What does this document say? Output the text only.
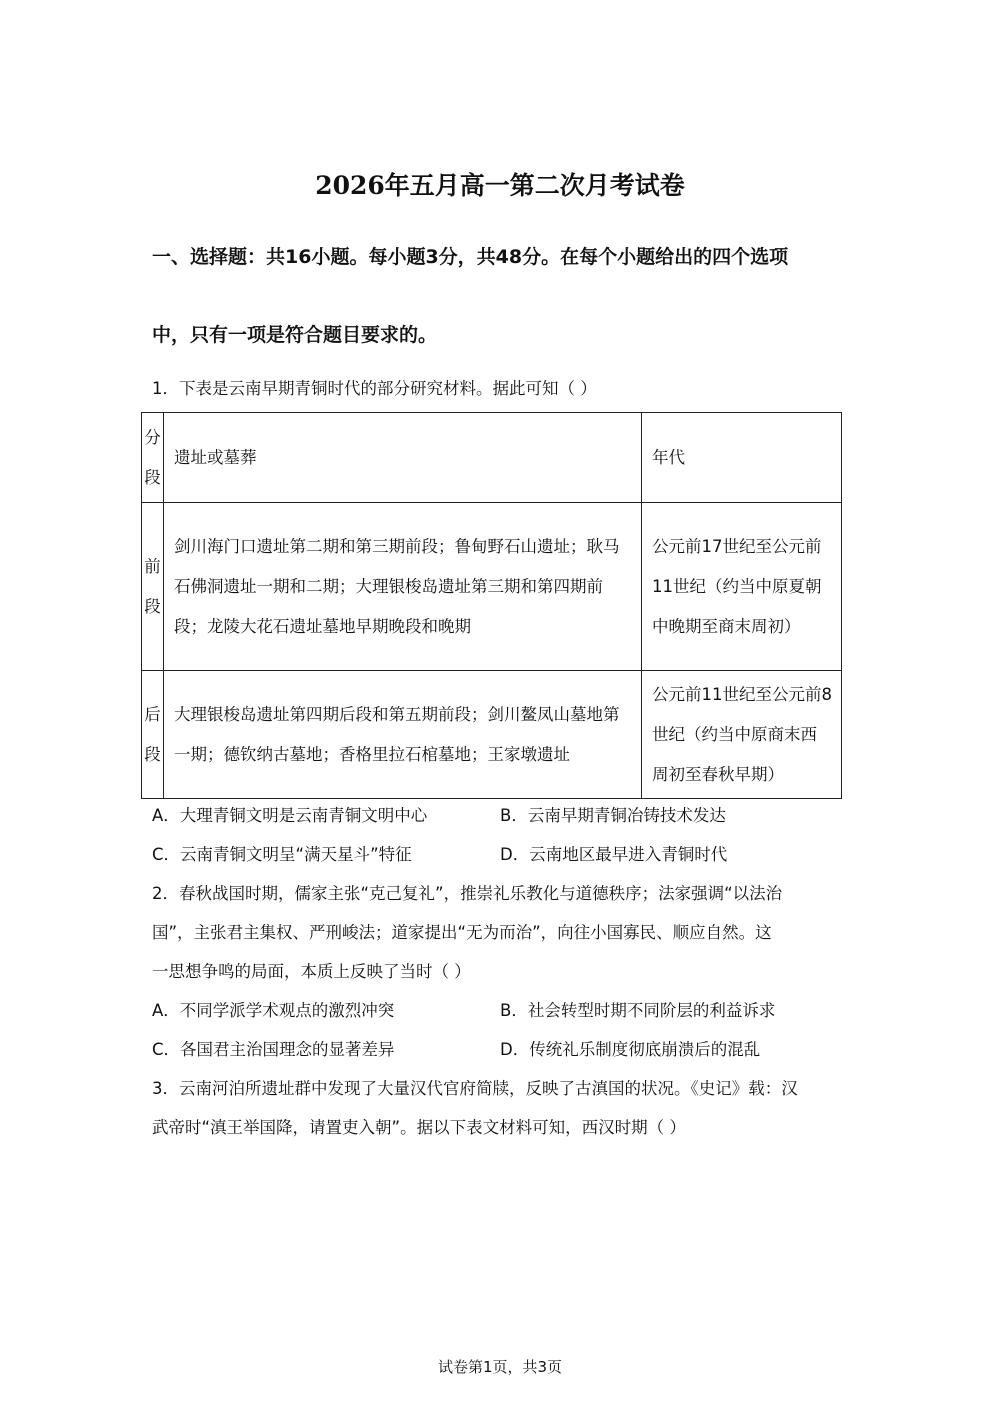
2026年五月高一第二次月考试卷
一、选择题：共16小题。每小题3分，共48分。在每个小题给出的四个选项
中，只有一项是符合题目要求的。
1．下表是云南早期青铜时代的部分研究材料。据此可知（ ）
分段	遗址或墓葬	年代
前段	剑川海门口遗址第二期和第三期前段；鲁甸野石山遗址；耿马石佛洞遗址一期和二期；大理银梭岛遗址第三期和第四期前段；龙陵大花石遗址墓地早期晚段和晚期	公元前17世纪至公元前11世纪（约当中原夏朝中晚期至商末周初）
后段	大理银梭岛遗址第四期后段和第五期前段；剑川鳌凤山墓地第一期；德钦纳古墓地；香格里拉石棺墓地；王家墩遗址	公元前11世纪至公元前8世纪（约当中原商末西周初至春秋早期）
A．大理青铜文明是云南青铜文明中心	B．云南早期青铜冶铸技术发达
C．云南青铜文明呈“满天星斗”特征	D．云南地区最早进入青铜时代
2．春秋战国时期，儒家主张“克己复礼”，推崇礼乐教化与道德秩序；法家强调“以法治
国”，主张君主集权、严刑峻法；道家提出“无为而治”，向往小国寡民、顺应自然。这
一思想争鸣的局面，本质上反映了当时（ ）
A．不同学派学术观点的激烈冲突	B．社会转型时期不同阶层的利益诉求
C．各国君主治国理念的显著差异	D．传统礼乐制度彻底崩溃后的混乱
3．云南河泊所遗址群中发现了大量汉代官府简牍，反映了古滇国的状况。《史记》载：汉
武帝时“滇王举国降，请置吏入朝”。据以下表文材料可知，西汉时期（ ）
试卷第1页，共3页
